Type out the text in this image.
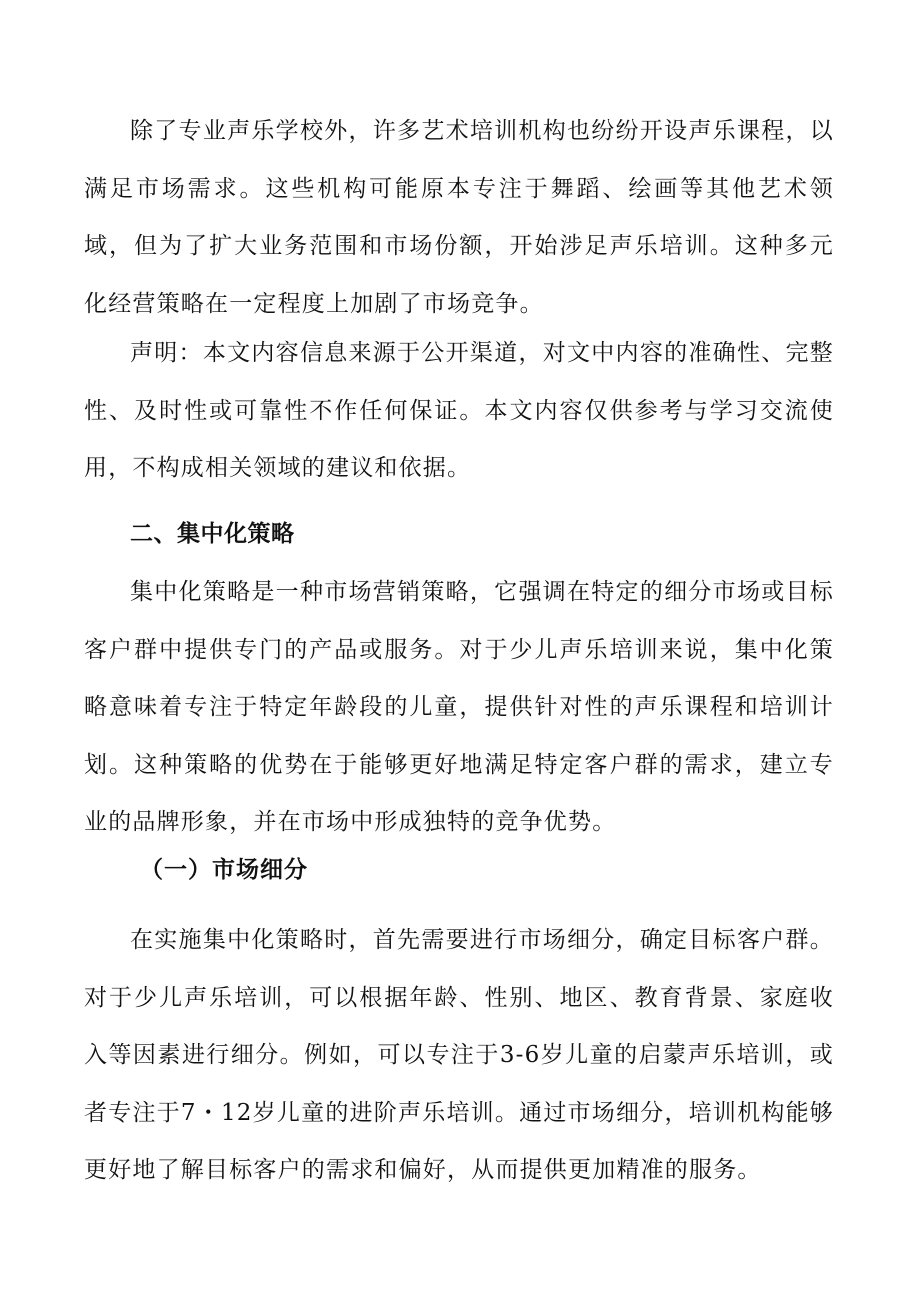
除了专业声乐学校外，许多艺术培训机构也纷纷开设声乐课程，以满足市场需求。这些机构可能原本专注于舞蹈、绘画等其他艺术领域，但为了扩大业务范围和市场份额，开始涉足声乐培训。这种多元化经营策略在一定程度上加剧了市场竞争。

声明：本文内容信息来源于公开渠道，对文中内容的准确性、完整性、及时性或可靠性不作任何保证。本文内容仅供参考与学习交流使用，不构成相关领域的建议和依据。

二、集中化策略

集中化策略是一种市场营销策略，它强调在特定的细分市场或目标客户群中提供专门的产品或服务。对于少儿声乐培训来说，集中化策略意味着专注于特定年龄段的儿童，提供针对性的声乐课程和培训计划。这种策略的优势在于能够更好地满足特定客户群的需求，建立专业的品牌形象，并在市场中形成独特的竞争优势。

（一）市场细分

在实施集中化策略时，首先需要进行市场细分，确定目标客户群。对于少儿声乐培训，可以根据年龄、性别、地区、教育背景、家庭收入等因素进行细分。例如，可以专注于3-6岁儿童的启蒙声乐培训，或者专注于7・12岁儿童的进阶声乐培训。通过市场细分，培训机构能够更好地了解目标客户的需求和偏好，从而提供更加精准的服务。
